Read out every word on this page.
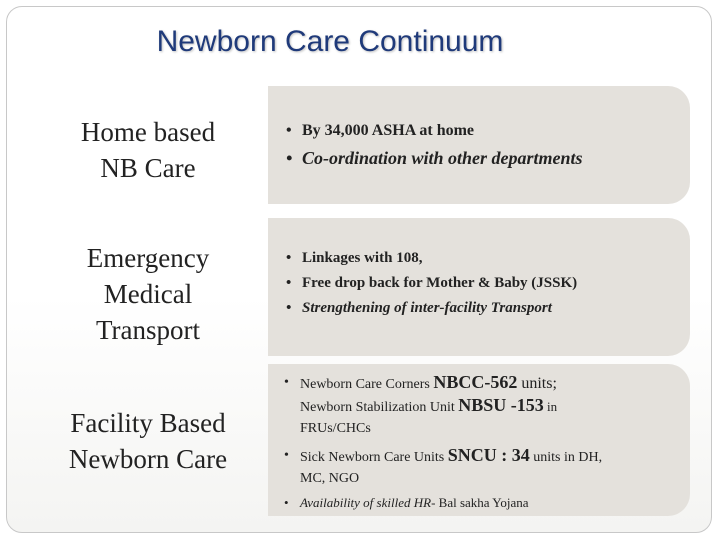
Newborn Care Continuum
Home based
NB Care
• By 34,000 ASHA at home
• Co-ordination with other departments
Emergency
Medical
Transport
• Linkages with 108,
• Free drop back for Mother & Baby (JSSK)
• Strengthening of inter-facility Transport
Facility Based
Newborn Care
• Newborn Care Corners NBCC-562 units;
Newborn Stabilization Unit NBSU -153 in
FRUs/CHCs
• Sick Newborn Care Units SNCU : 34 units in DH,
MC, NGO
• Availability of skilled HR- Bal sakha Yojana
